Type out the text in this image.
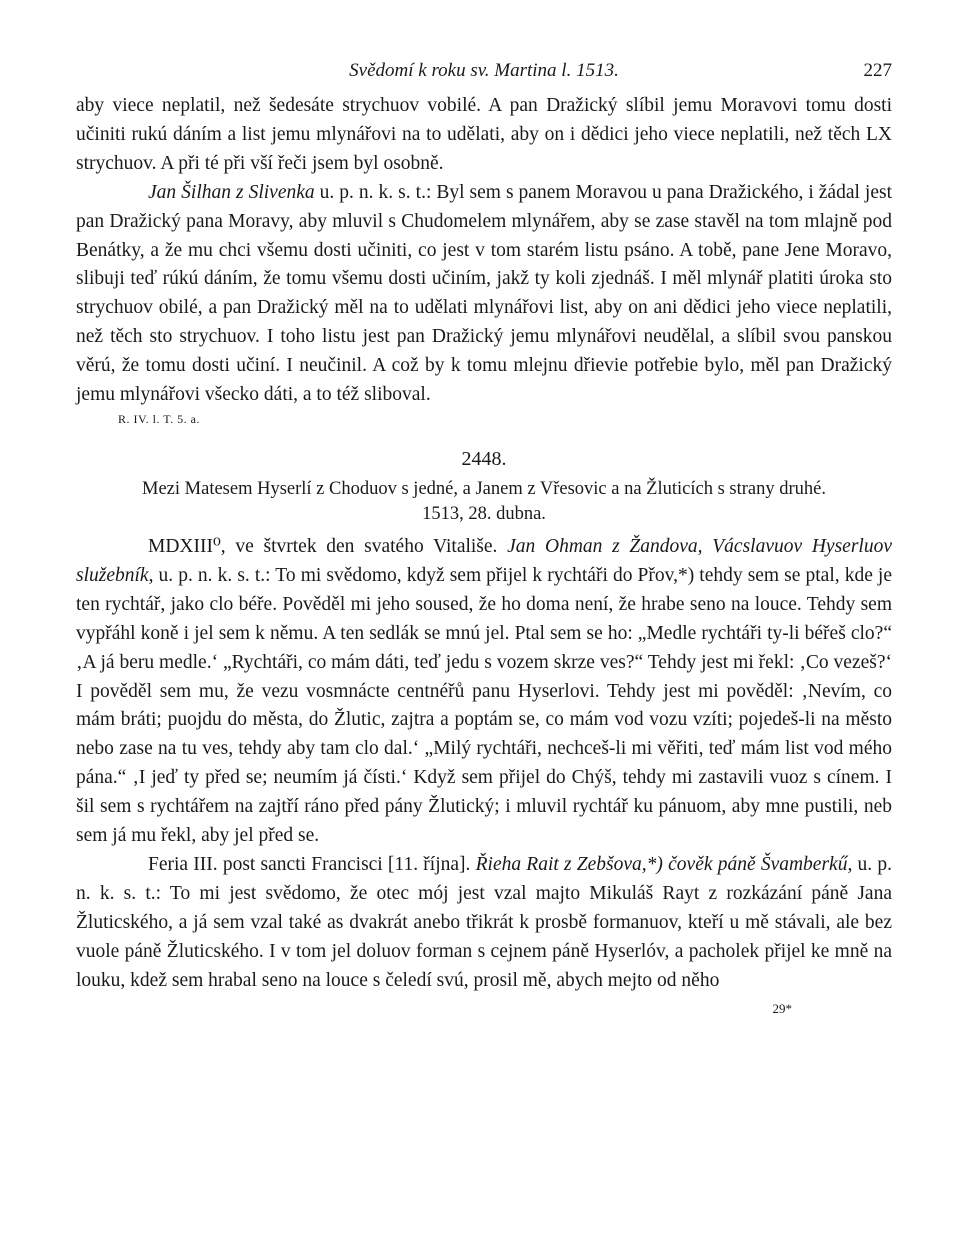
Svědomí k roku sv. Martina l. 1513.	227

aby viece neplatil, než šedesáte strychuov vobilé. A pan Dražický slíbil jemu Moravovi tomu dosti učiniti rukú dáním a list jemu mlynářovi na to udělati, aby on i dědici jeho viece neplatili, než těch LX strychuov. A při té při vší řeči jsem byl osobně.

Jan Šilhan z Slivenka u. p. n. k. s. t.: Byl sem s panem Moravou u pana Dražického, i žádal jest pan Dražický pana Moravy, aby mluvil s Chudomelem mlynářem, aby se zase stavěl na tom mlajně pod Benátky, a že mu chci všemu dosti učiniti, co jest v tom starém listu psáno. A tobě, pane Jene Moravo, slibuji teď rúkú dáním, že tomu všemu dosti učiním, jakž ty koli zjednáš. I měl mlynář platiti úroka sto strychuov obilé, a pan Dražický měl na to udělati mlynářovi list, aby on ani dědici jeho viece neplatili, než těch sto strychuov. I toho listu jest pan Dražický jemu mlynářovi neudělal, a slíbil svou panskou věrú, že tomu dosti učiní. I neučinil. A což by k tomu mlejnu dřievie potřebie bylo, měl pan Dražický jemu mlynářovi všecko dáti, a to též sliboval.

R. IV. l. T. 5. a.

2448.
Mezi Matesem Hyserlí z Choduov s jedné, a Janem z Vřesovic a na Žluticích s strany druhé.
1513, 28. dubna.

MDXIII⁰, ve štvrtek den svatého Vitališe. Jan Ohman z Žandova, Vácslavuov Hyserluov služebník, u. p. n. k. s. t.: To mi svědomo, když sem přijel k rychtáři do Přov,*) tehdy sem se ptal, kde je ten rychtář, jako clo béře. Pověděl mi jeho soused, že ho doma není, že hrabe seno na louce. Tehdy sem vypřáhl koně i jel sem k němu. A ten sedlák se mnú jel. Ptal sem se ho: „Medle rychtáři ty-li béřeš clo?“ ‚A já beru medle.‘ „Rychtáři, co mám dáti, teď jedu s vozem skrze ves?“ Tehdy jest mi řekl: ‚Co vezeš?‘ I pověděl sem mu, že vezu vosmnácte centnéřů panu Hyserlovi. Tehdy jest mi pověděl: ‚Nevím, co mám bráti; puojdu do města, do Žlutic, zajtra a poptám se, co mám vod vozu vzíti; pojedeš-li na město nebo zase na tu ves, tehdy aby tam clo dal.‘ „Milý rychtáři, nechceš-li mi věřiti, teď mám list vod mého pána.“ ‚I jeď ty před se; neumím já čísti.‘ Když sem přijel do Chýš, tehdy mi zastavili vuoz s cínem. I šil sem s rychtářem na zajtří ráno před pány Žlutický; i mluvil rychtář ku pánuom, aby mne pustili, neb sem já mu řekl, aby jel před se.

Feria III. post sancti Francisci [11. října]. Řieha Rait z Zebšova,*) čověk páně Švamberkű, u. p. n. k. s. t.: To mi jest svědomo, že otec mój jest vzal majto Mikuláš Rayt z rozkázání páně Jana Žluticského, a já sem vzal také as dvakrát anebo třikrát k prosbě formanuov, kteří u mě stávali, ale bez vuole páně Žluticského. I v tom jel doluov forman s cejnem páně Hyserlóv, a pacholek přijel ke mně na louku, kdež sem hrabal seno na louce s čeledí svú, prosil mě, abych mejto od něho

29*
